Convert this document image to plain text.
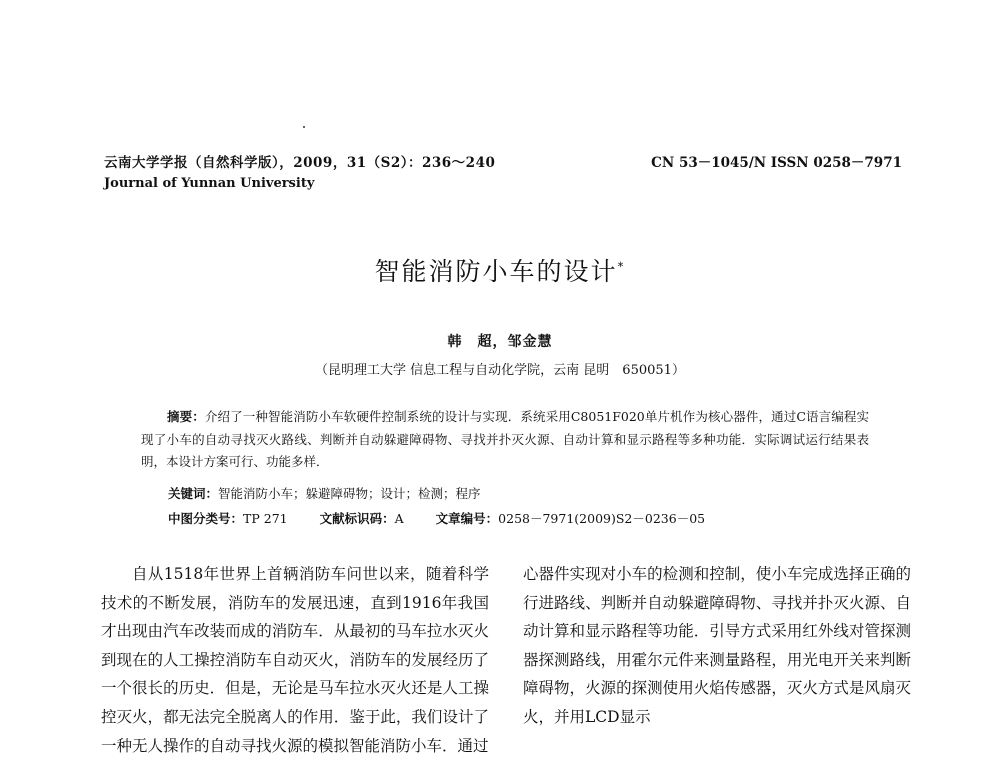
云南大学学报（自然科学版），2009，31（S2）：236～240	CN 53－1045/N ISSN 0258－7971
Journal of Yunnan University
智能消防小车的设计*
韩　超，邹金慧
（昆明理工大学 信息工程与自动化学院，云南 昆明　650051）
摘要：介绍了一种智能消防小车软硬件控制系统的设计与实现．系统采用C8051F020单片机作为核心器件，通过C语言编程实现了小车的自动寻找灭火路线、判断并自动躲避障碍物、寻找并扑灭火源、自动计算和显示路程等多种功能．实际调试运行结果表明，本设计方案可行、功能多样．
关键词：智能消防小车；躲避障碍物；设计；检测；程序
中图分类号：TP 271	文献标识码：A	文章编号：0258－7971(2009)S2－0236－05
自从1518年世界上首辆消防车问世以来，随着科学技术的不断发展，消防车的发展迅速，直到1916年我国才出现由汽车改装而成的消防车．从最初的马车拉水灭火到现在的人工操控消防车自动灭火，消防车的发展经历了一个很长的历史．但是，无论是马车拉水灭火还是人工操控灭火，都无法完全脱离人的作用．鉴于此，我们设计了一种无人操作的自动寻找火源的模拟智能消防小车．通过
心器件实现对小车的检测和控制，使小车完成选择正确的行进路线、判断并自动躲避障碍物、寻找并扑灭火源、自动计算和显示路程等功能．引导方式采用红外线对管探测器探测路线，用霍尔元件来测量路程，用光电开关来判断障碍物，火源的探测使用火焰传感器，灭火方式是风扇灭火，并用LCD显示
